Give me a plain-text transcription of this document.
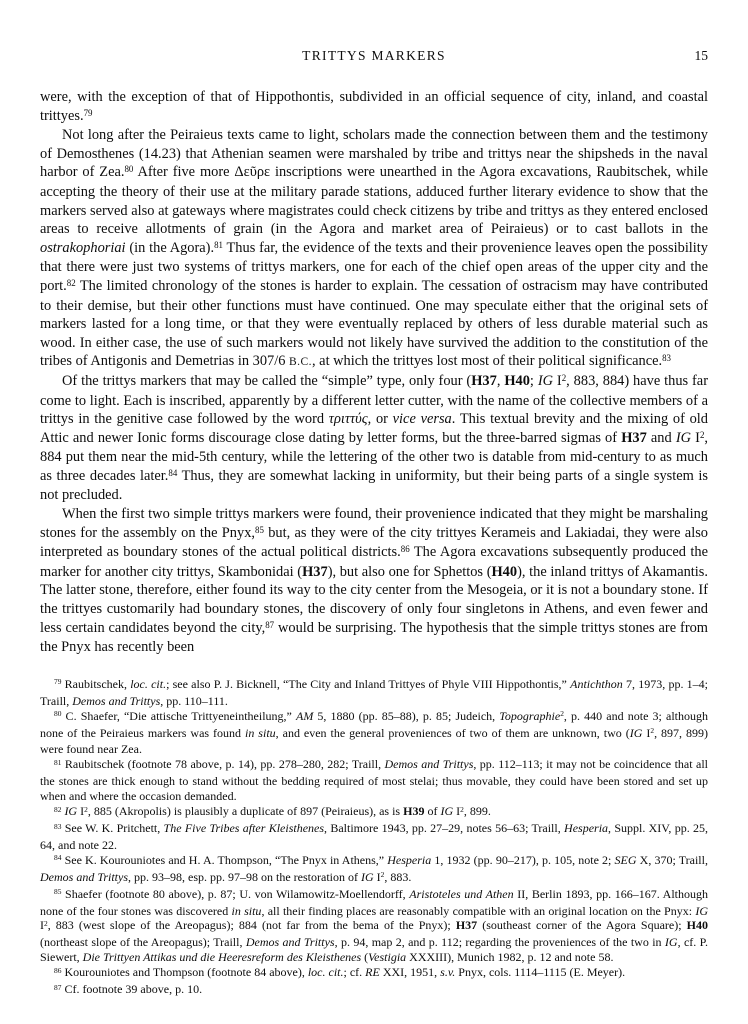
TRITTYS MARKERS	15

were, with the exception of that of Hippothontis, subdivided in an official sequence of city, inland, and coastal trittyes.$^{79}$

Not long after the Peiraieus texts came to light, scholars made the connection between them and the testimony of Demosthenes (14.23) that Athenian seamen were marshaled by tribe and trittys near the shipsheds in the naval harbor of Zea.$^{80}$ After five more Δεῦρε inscriptions were unearthed in the Agora excavations, Raubitschek, while accepting the theory of their use at the military parade stations, adduced further literary evidence to show that the markers served also at gateways where magistrates could check citizens by tribe and trittys as they entered enclosed areas to receive allotments of grain (in the Agora and market area of Peiraieus) or to cast ballots in the ostrakophoriai (in the Agora).$^{81}$ Thus far, the evidence of the texts and their provenience leaves open the possibility that there were just two systems of trittys markers, one for each of the chief open areas of the upper city and the port.$^{82}$ The limited chronology of the stones is harder to explain. The cessation of ostracism may have contributed to their demise, but their other functions must have continued. One may speculate either that the original sets of markers lasted for a long time, or that they were eventually replaced by others of less durable material such as wood. In either case, the use of such markers would not likely have survived the addition to the constitution of the tribes of Antigonis and Demetrias in 307/6 B.C., at which the trittyes lost most of their political significance.$^{83}$

Of the trittys markers that may be called the “simple” type, only four (H37, H40; IG $I^2$, 883, 884) have thus far come to light. Each is inscribed, apparently by a different letter cutter, with the name of the collective members of a trittys in the genitive case followed by the word τριττύς, or vice versa. This textual brevity and the mixing of old Attic and newer Ionic forms discourage close dating by letter forms, but the three-barred sigmas of H37 and IG $I^2$, 884 put them near the mid-5th century, while the lettering of the other two is datable from mid-century to as much as three decades later.$^{84}$ Thus, they are somewhat lacking in uniformity, but their being parts of a single system is not precluded.

When the first two simple trittys markers were found, their provenience indicated that they might be marshaling stones for the assembly on the Pnyx,$^{85}$ but, as they were of the city trittyes Kerameis and Lakiadai, they were also interpreted as boundary stones of the actual political districts.$^{86}$ The Agora excavations subsequently produced the marker for another city trittys, Skambonidai (H37), but also one for Sphettos (H40), the inland trittys of Akamantis. The latter stone, therefore, either found its way to the city center from the Mesogeia, or it is not a boundary stone. If the trittyes customarily had boundary stones, the discovery of only four singletons in Athens, and even fewer and less certain candidates beyond the city,$^{87}$ would be surprising. The hypothesis that the simple trittys stones are from the Pnyx has recently been

$^{79}$ Raubitschek, loc. cit.; see also P. J. Bicknell, “The City and Inland Trittyes of Phyle VIII Hippothontis,” Antichthon 7, 1973, pp. 1–4; Traill, Demos and Trittys, pp. 110–111.

$^{80}$ C. Shaefer, “Die attische Trittyeneintheilung,” AM 5, 1880 (pp. 85–88), p. 85; Judeich, Topographie$^2$, p. 440 and note 3; although none of the Peiraieus markers was found in situ, and even the general proveniences of two of them are unknown, two (IG $I^2$, 897, 899) were found near Zea.

$^{81}$ Raubitschek (footnote 78 above, p. 14), pp. 278–280, 282; Traill, Demos and Trittys, pp. 112–113; it may not be coincidence that all the stones are thick enough to stand without the bedding required of most stelai; thus movable, they could have been stored and set up when and where the occasion demanded.

$^{82}$ IG $I^2$, 885 (Akropolis) is plausibly a duplicate of 897 (Peiraieus), as is H39 of IG $I^2$, 899.

$^{83}$ See W. K. Pritchett, The Five Tribes after Kleisthenes, Baltimore 1943, pp. 27–29, notes 56–63; Traill, Hesperia, Suppl. XIV, pp. 25, 64, and note 22.

$^{84}$ See K. Kourouniotes and H. A. Thompson, “The Pnyx in Athens,” Hesperia 1, 1932 (pp. 90–217), p. 105, note 2; SEG X, 370; Traill, Demos and Trittys, pp. 93–98, esp. pp. 97–98 on the restoration of IG $I^2$, 883.

$^{85}$ Shaefer (footnote 80 above), p. 87; U. von Wilamowitz-Moellendorff, Aristoteles und Athen II, Berlin 1893, pp. 166–167. Although none of the four stones was discovered in situ, all their finding places are reasonably compatible with an original location on the Pnyx: IG $I^2$, 883 (west slope of the Areopagus); 884 (not far from the bema of the Pnyx); H37 (southeast corner of the Agora Square); H40 (northeast slope of the Areopagus); Traill, Demos and Trittys, p. 94, map 2, and p. 112; regarding the proveniences of the two in IG, cf. P. Siewert, Die Trittyen Attikas und die Heeresreform des Kleisthenes (Vestigia XXXIII), Munich 1982, p. 12 and note 58.

$^{86}$ Kourouniotes and Thompson (footnote 84 above), loc. cit.; cf. RE XXI, 1951, s.v. Pnyx, cols. 1114–1115 (E. Meyer).

$^{87}$ Cf. footnote 39 above, p. 10.
